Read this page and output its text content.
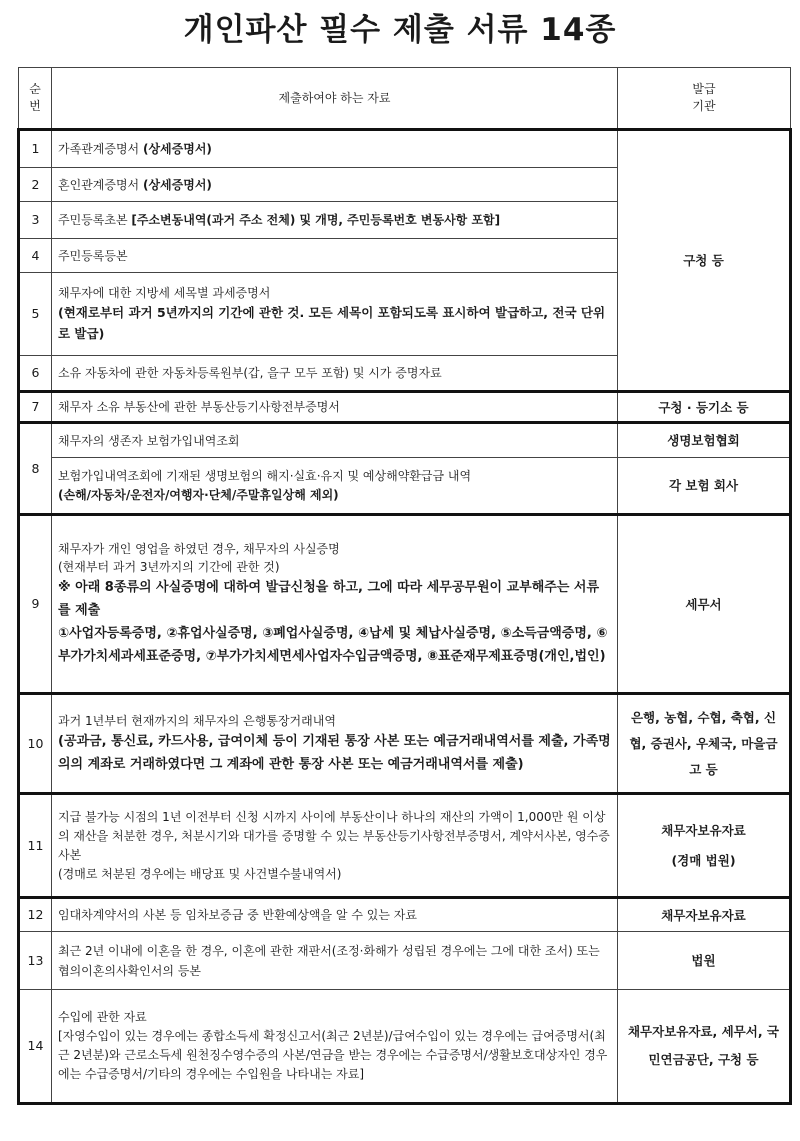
개인파산 필수 제출 서류 14종
순
번	제출하여야 하는 자료	발급
기관
1	가족관계증명서 (상세증명서)	구청 등
2	혼인관계증명서 (상세증명서)	
3	주민등록초본 [주소변동내역(과거 주소 전체) 및 개명, 주민등록번호 변동사항 포함]	
4	주민등록등본	
5	채무자에 대한 지방세 세목별 과세증명서
(현재로부터 과거 5년까지의 기간에 관한 것. 모든 세목이 포함되도록 표시하여 발급하고, 전국 단위로 발급)	

6	소유 자동차에 관한 자동차등록원부(갑, 을구 모두 포함) 및 시가 증명자료	
7	채무자 소유 부동산에 관한 부동산등기사항전부증명서	구청 · 등기소 등
8	채무자의 생존자 보험가입내역조회	생명보험협회

	보험가입내역조회에 기재된 생명보험의 해지·실효·유지 및 예상해약환급금 내역
(손해/자동차/운전자/여행자·단체/주말휴일상해 제외)	각 보험 회사
9	채무자가 개인 영업을 하였던 경우, 채무자의 사실증명
(현재부터 과거 3년까지의 기간에 관한 것)
※ 아래 8종류의 사실증명에 대하여 발급신청을 하고, 그에 따라 세무공무원이 교부해주는 서류를 제출
①사업자등록증명, ②휴업사실증명, ③폐업사실증명, ④납세 및 체납사실증명, ⑤소득금액증명, ⑥부가가치세과세표준증명, ⑦부가가치세면세사업자수입금액증명, ⑧표준재무제표증명(개인,법인)	세무서
10	과거 1년부터 현재까지의 채무자의 은행통장거래내역
(공과금, 통신료, 카드사용, 급여이체 등이 기재된 통장 사본 또는 예금거래내역서를 제출, 가족명의의 계좌로 거래하였다면 그 계좌에 관한 통장 사본 또는 예금거래내역서를 제출)	은행, 농협, 수협, 축협, 신협, 증권사, 우체국, 마을금고 등
11	지급 불가능 시점의 1년 이전부터 신청 시까지 사이에 부동산이나 하나의 재산의 가액이 1,000만 원 이상의 재산을 처분한 경우, 처분시기와 대가를 증명할 수 있는 부동산등기사항전부증명서, 계약서사본, 영수증사본
(경매로 처분된 경우에는 배당표 및 사건별수불내역서)	채무자보유자료
(경매 법원)

12	임대차계약서의 사본 등 임차보증금 중 반환예상액을 알 수 있는 자료	채무자보유자료
13	최근 2년 이내에 이혼을 한 경우, 이혼에 관한 재판서(조정·화해가 성립된 경우에는 그에 대한 조서) 또는 협의이혼의사확인서의 등본	법원
14	수입에 관한 자료
[자영수입이 있는 경우에는 종합소득세 확정신고서(최근 2년분)/급여수입이 있는 경우에는 급여증명서(최근 2년분)와 근로소득세 원천징수영수증의 사본/연금을 받는 경우에는 수급증명서/생활보호대상자인 경우에는 수급증명서/기타의 경우에는 수입원을 나타내는 자료]	채무자보유자료, 세무서, 국민연금공단, 구청 등
